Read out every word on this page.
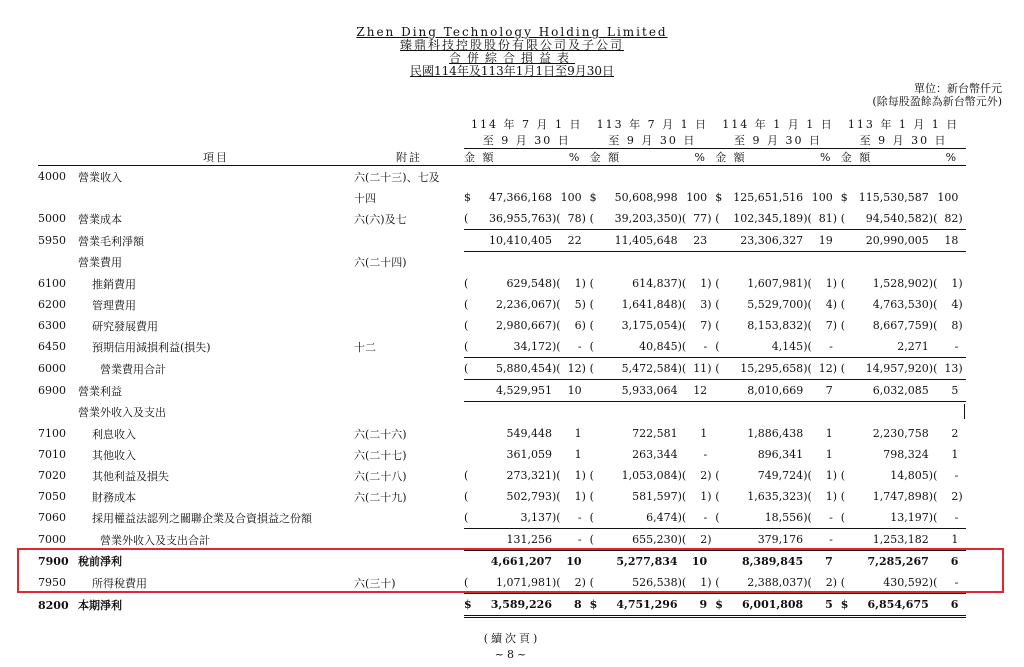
Zhen Ding Technology Holding Limited
臻鼎科技控股股份有限公司及子公司
合併綜合損益表
民國114年及113年1月1日至9月30日
單位：新台幣仟元
(除每股盈餘為新台幣元外)
			114 年 7 月 1 日					113 年 7 月 1 日					114 年 1 月 1 日					113 年 1 月 1 日				
			至 9 月 30 日					至 9 月 30 日					至 9 月 30 日					至 9 月 30 日				
	項目	附註	金 額			%		金 額			%		金 額			%		金 額			%	
4000	營業收入	六(二十三)、七及																				
		十四	$	47,366,168		100		$	50,608,998		100		$	125,651,516		100		$	115,530,587		100	
5000	營業成本	六(六)及七	(	36,955,763	)(	78	)	(	39,203,350	)(	77	)	(	102,345,189	)(	81	)	(	94,540,582	)(	82	)
5950	營業毛利淨額			10,410,405		22			11,405,648		23			23,306,327		19			20,990,005		18	
	營業費用	六(二十四)																				
6100	推銷費用		(	629,548	)(	1	)	(	614,837	)(	1	)	(	1,607,981	)(	1	)	(	1,528,902	)(	1	)
6200	管理費用		(	2,236,067	)(	5	)	(	1,641,848	)(	3	)	(	5,529,700	)(	4	)	(	4,763,530	)(	4	)
6300	研究發展費用		(	2,980,667	)(	6	)	(	3,175,054	)(	7	)	(	8,153,832	)(	7	)	(	8,667,759	)(	8	)
6450	預期信用減損利益(損失)	十二	(	34,172	)(	-		(	40,845	)(	-		(	4,145	)(	-			2,271		-	
6000	營業費用合計		(	5,880,454	)(	12	)	(	5,472,584	)(	11	)	(	15,295,658	)(	12	)	(	14,957,920	)(	13	)
6900	營業利益			4,529,951		10			5,933,064		12			8,010,669		7			6,032,085		5	
	營業外收入及支出																					
7100	利息收入	六(二十六)		549,448		1			722,581		1			1,886,438		1			2,230,758		2	
7010	其他收入	六(二十七)		361,059		1			263,344		-			896,341		1			798,324		1	
7020	其他利益及損失	六(二十八)	(	273,321	)(	1	)	(	1,053,084	)(	2	)	(	749,724	)(	1	)	(	14,805	)(	-	
7050	財務成本	六(二十九)	(	502,793	)(	1	)	(	581,597	)(	1	)	(	1,635,323	)(	1	)	(	1,747,898	)(	2	)
7060	採用權益法認列之關聯企業及合資損益之份額		(	3,137	)(	-		(	6,474	)(	-		(	18,556	)(	-		(	13,197	)(	-	
7000	營業外收入及支出合計			131,256		-		(	655,230	)(	2	)		379,176		-			1,253,182		1	
7900	稅前淨利			4,661,207		10			5,277,834		10			8,389,845		7			7,285,267		6	
7950	所得稅費用	六(三十)	(	1,071,981	)(	2	)	(	526,538	)(	1	)	(	2,388,037	)(	2	)	(	430,592	)(	-	
8200	本期淨利		$	3,589,226		8		$	4,751,296		9		$	6,001,808		5		$	6,854,675		6	
(續次頁)
~8~
